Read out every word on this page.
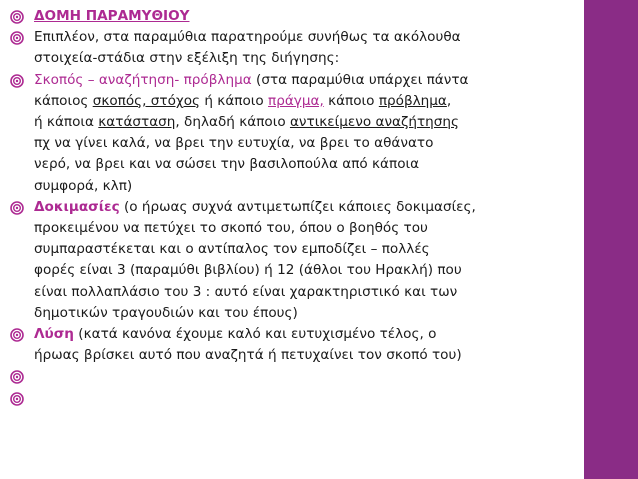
ΔΟΜΗ ΠΑΡΑΜΥΘΙΟΥ
Επιπλέον, στα παραμύθια παρατηρούμε συνήθως τα ακόλουθα
στοιχεία-στάδια στην εξέλιξη της διήγησης:
Σκοπός – αναζήτηση- πρόβλημα (στα παραμύθια υπάρχει πάντα
κάποιος σκοπός, στόχος ή κάποιο πράγμα, κάποιο πρόβλημα,
ή κάποια κατάσταση, δηλαδή κάποιο αντικείμενο αναζήτησης
πχ να γίνει καλά, να βρει την ευτυχία, να βρει το αθάνατο
νερό, να βρει και να σώσει την βασιλοπούλα από κάποια
συμφορά, κλπ)
Δοκιμασίες (ο ήρωας συχνά αντιμετωπίζει κάποιες δοκιμασίες,
προκειμένου να πετύχει το σκοπό του, όπου ο βοηθός του
συμπαραστέκεται και ο αντίπαλος τον εμποδίζει – πολλές
φορές είναι 3 (παραμύθι βιβλίου) ή 12 (άθλοι του Ηρακλή) που
είναι πολλαπλάσιο του 3 : αυτό είναι χαρακτηριστικό και των
δημοτικών τραγουδιών και του έπους)
Λύση (κατά κανόνα έχουμε καλό και ευτυχισμένο τέλος, ο
ήρωας βρίσκει αυτό που αναζητά ή πετυχαίνει τον σκοπό του)
